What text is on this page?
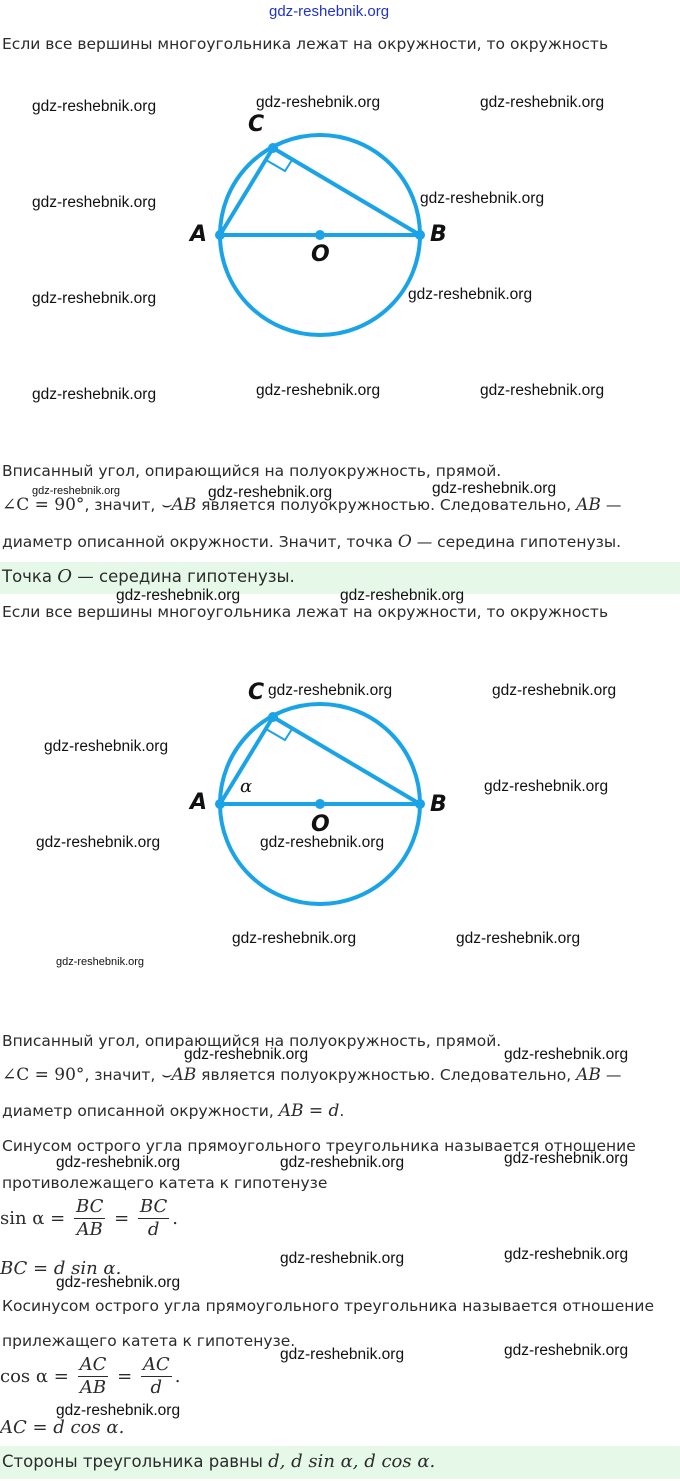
gdz-reshebnik.org
Если все вершины многоугольника лежат на окружности, то окружность
C
A	B
O
gdz-reshebnik.org	gdz-reshebnik.org	gdz-reshebnik.org
gdz-reshebnik.org	gdz-reshebnik.org
gdz-reshebnik.org	gdz-reshebnik.org
gdz-reshebnik.org	gdz-reshebnik.org	gdz-reshebnik.org
Вписанный угол, опирающийся на полуокружность, прямой.
∠C = 90°, значит, ⌣AB является полуокружностью. Следовательно, AB —
диаметр описанной окружности. Значит, точка O — середина гипотенузы.
gdz-reshebnik.org	gdz-reshebnik.org	gdz-reshebnik.org
Точка O — середина гипотенузы.
gdz-reshebnik.org	gdz-reshebnik.org
Если все вершины многоугольника лежат на окружности, то окружность
C
A	B
O
α
gdz-reshebnik.org	gdz-reshebnik.org
gdz-reshebnik.org
gdz-reshebnik.org
gdz-reshebnik.org	gdz-reshebnik.org
gdz-reshebnik.org	gdz-reshebnik.org
gdz-reshebnik.org
Вписанный угол, опирающийся на полуокружность, прямой.
∠C = 90°, значит, ⌣AB является полуокружностью. Следовательно, AB —
диаметр описанной окружности, AB = d.
gdz-reshebnik.org	gdz-reshebnik.org
Синусом острого угла прямоугольного треугольника называется отношение
противолежащего катета к гипотенузе
gdz-reshebnik.org	gdz-reshebnik.org	gdz-reshebnik.org
$\sin \alpha = \frac{BC}{AB} = \frac{BC}{d}$ .
BC = d sin α.	gdz-reshebnik.org	gdz-reshebnik.org
gdz-reshebnik.org
Косинусом острого угла прямоугольного треугольника называется отношение
прилежащего катета к гипотенузе.
gdz-reshebnik.org	gdz-reshebnik.org
$\cos \alpha = \frac{AC}{AB} = \frac{AC}{d}$ .
AC = d cos α.
gdz-reshebnik.org
Стороны треугольника равны d, d sin α, d cos α.
